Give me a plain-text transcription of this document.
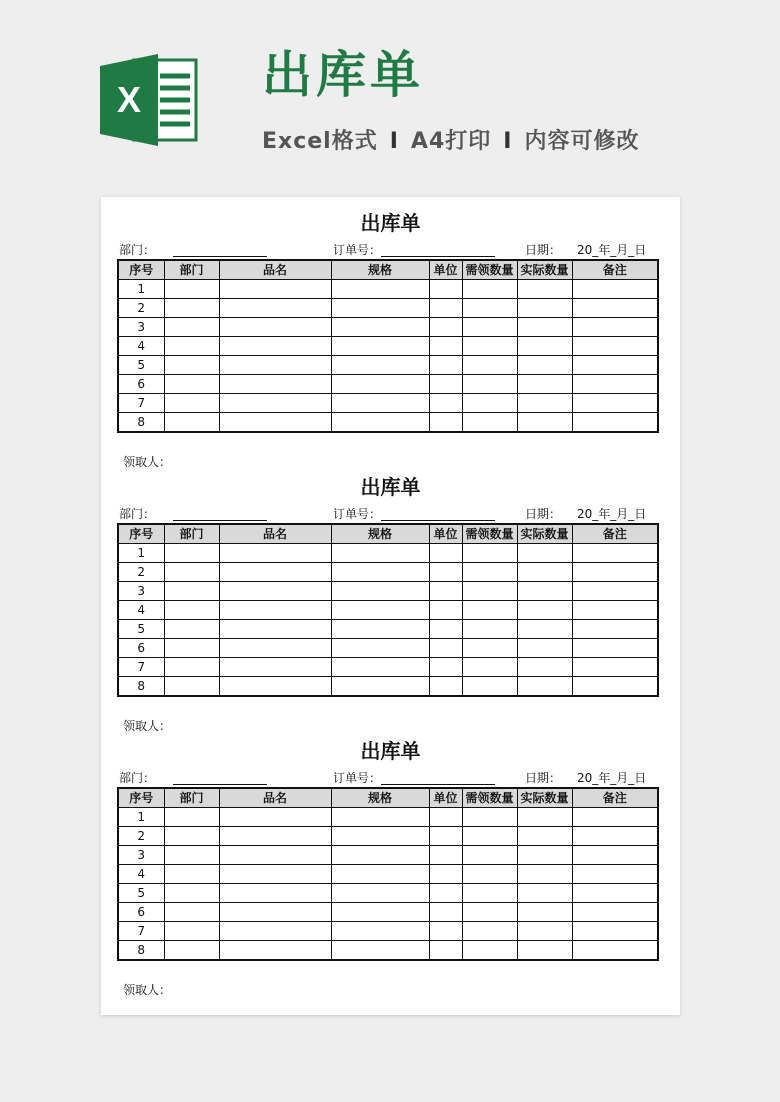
X 出库单
Excel格式 I A4打印 I 内容可修改
出库单
部门：	订单号：	日期： 20_年_月_日
序号	部门	品名	规格	单位	需领数量	实际数量	备注
1							
2							
3							
4							
5							
6							
7							
8							
领取人：
出库单
部门：	订单号：	日期： 20_年_月_日
序号	部门	品名	规格	单位	需领数量	实际数量	备注
1							
2							
3							
4							
5							
6							
7							
8							
领取人：
出库单
部门：	订单号：	日期： 20_年_月_日
序号	部门	品名	规格	单位	需领数量	实际数量	备注
1							
2							
3							
4							
5							
6							
7							
8							
领取人：
